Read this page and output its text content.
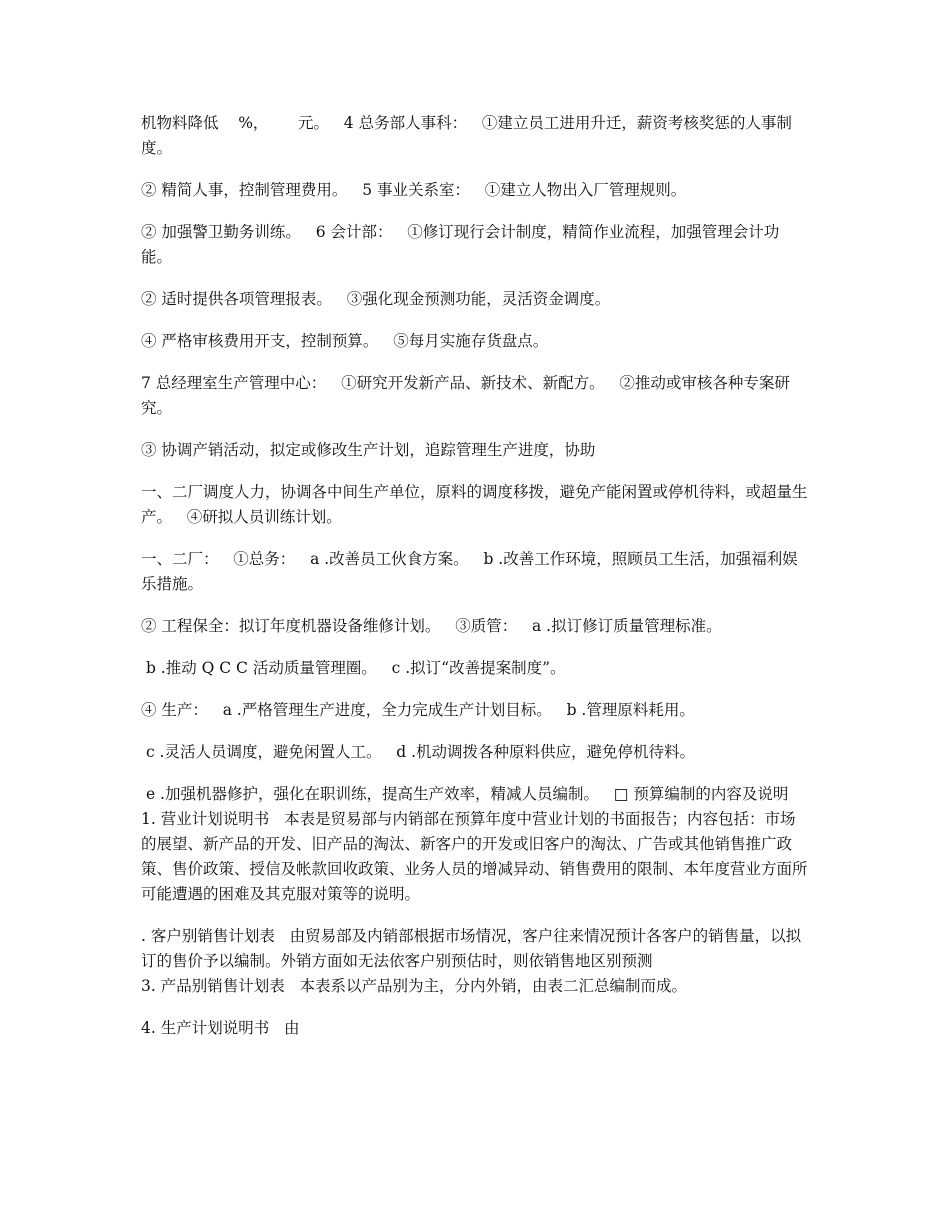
机物料降低    %，      元。   4 总务部人事科：   ①建立员工进用升迁，薪资考核奖惩的人事制度。

② 精简人事，控制管理费用。   5 事业关系室：   ①建立人物出入厂管理规则。

② 加强警卫勤务训练。   6 会计部：   ①修订现行会计制度，精简作业流程，加强管理会计功能。

② 适时提供各项管理报表。   ③强化现金预测功能，灵活资金调度。

④ 严格审核费用开支，控制预算。   ⑤每月实施存货盘点。

7 总经理室生产管理中心：   ①研究开发新产品、新技术、新配方。   ②推动或审核各种专案研究。

③ 协调产销活动，拟定或修改生产计划，追踪管理生产进度，协助

一、二厂调度人力，协调各中间生产单位，原料的调度移拨，避免产能闲置或停机待料，或超量生产。   ④研拟人员训练计划。

一、二厂：   ①总务：   a .改善员工伙食方案。   b .改善工作环境，照顾员工生活，加强福利娱乐措施。

② 工程保全：拟订年度机器设备维修计划。   ③质管：   a .拟订修订质量管理标准。

b .推动 Q C C 活动质量管理圈。   c .拟订“改善提案制度”。

④ 生产：   a .严格管理生产进度，全力完成生产计划目标。   b .管理原料耗用。

c .灵活人员调度，避免闲置人工。   d .机动调拨各种原料供应，避免停机待料。

e .加强机器修护，强化在职训练，提高生产效率，精减人员编制。   □ 预算编制的内容及说明   1. 营业计划说明书   本表是贸易部与内销部在预算年度中营业计划的书面报告；内容包括：市场的展望、新产品的开发、旧产品的淘汰、新客户的开发或旧客户的淘汰、广告或其他销售推广政策、售价政策、授信及帐款回收政策、业务人员的增减异动、销售费用的限制、本年度营业方面所可能遭遇的困难及其克服对策等的说明。

. 客户别销售计划表   由贸易部及内销部根据市场情况，客户往来情况预计各客户的销售量，以拟订的售价予以编制。外销方面如无法依客户别预估时，则依销售地区别预测

3. 产品别销售计划表   本表系以产品别为主，分内外销，由表二汇总编制而成。

4. 生产计划说明书   由
